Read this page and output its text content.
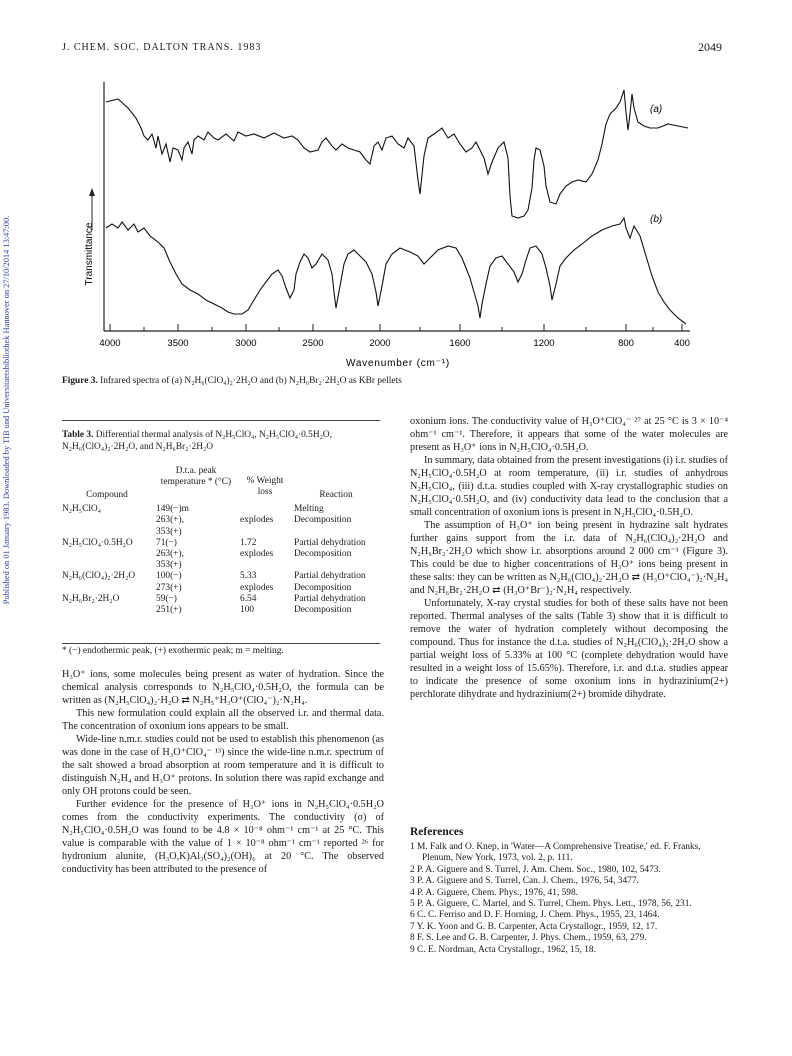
Published on 01 January 1983. Downloaded by TIB und Universitaetsbibliothek Hannover on 27/10/2014 13:47:00.
J. CHEM. SOC. DALTON TRANS. 1983	2049
(a)
(b)
Transmittance
4000	3500	3000	2500	2000	1600	1200	800	400
Wavenumber (cm⁻¹)
Figure 3. Infrared spectra of (a) N₂H₆(ClO₄)₂·2H₂O and (b) N₂H₆Br₂·2H₂O as KBr pellets
Table 3. Differential thermal analysis of N₂H₅ClO₄, N₂H₅ClO₄·0.5H₂O, N₂H₆(ClO₄)₂·2H₂O, and N₂H₆Br₂·2H₂O
Compound	D.t.a. peak temperature * (°C)	% Weight loss	Reaction
N₂H₅ClO₄	149(−)m		Melting
	263(+),	explodes	Decomposition
	353(+)		
N₂H₅ClO₄·0.5H₂O	71(−)	1.72	Partial dehydration
	263(+),	explodes	Decomposition
	353(+)		
N₂H₆(ClO₄)₂·2H₂O	100(−)	5.33	Partial dehydration
	273(+)	explodes	Decomposition
N₂H₆Br₂·2H₂O	59(−)	6.54	Partial dehydration
	251(+)	100	Decomposition
* (−) endothermic peak, (+) exothermic peak; m = melting.

H₃O⁺ ions, some molecules being present as water of hydration. Since the chemical analysis corresponds to N₂H₅ClO₄·0.5H₂O, the formula can be written as (N₂H₅ClO₄)₂·H₂O ⇄ N₂H₅⁺H₃O⁺(ClO₄⁻)₂·N₂H₄.

This new formulation could explain all the observed i.r. and thermal data. The concentration of oxonium ions appears to be small.

Wide-line n.m.r. studies could not be used to establish this phenomenon (as was done in the case of H₃O⁺ClO₄⁻ ¹³) since the wide-line n.m.r. spectrum of the salt showed a broad absorption at room temperature and it is difficult to distinguish N₂H₄ and H₃O⁺ protons. In solution there was rapid exchange and only OH protons could be seen.

Further evidence for the presence of H₃O⁺ ions in N₂H₅ClO₄·0.5H₂O comes from the conductivity experiments. The conductivity (σ) of N₂H₅ClO₄·0.5H₂O was found to be 4.8 × 10⁻⁸ ohm⁻¹ cm⁻¹ at 25 °C. This value is comparable with the value of 1 × 10⁻⁸ ohm⁻¹ cm⁻¹ reported ²⁶ for hydronium alunite, (H₃O,K)Al₃(SO₄)₂(OH)₆ at 20 °C. The observed conductivity has been attributed to the presence of

oxonium ions. The conductivity value of H₃O⁺ClO₄⁻ ²⁷ at 25 °C is 3 × 10⁻⁴ ohm⁻¹ cm⁻¹. Therefore, it appears that some of the water molecules are present as H₃O⁺ ions in N₂H₅ClO₄·0.5H₂O.

In summary, data obtained from the present investigations (i) i.r. studies of N₂H₅ClO₄·0.5H₂O at room temperature, (ii) i.r. studies of anhydrous N₂H₅ClO₄, (iii) d.t.a. studies coupled with X-ray crystallographic studies on N₂H₅ClO₄·0.5H₂O, and (iv) conductivity data lead to the conclusion that a small concentration of oxonium ions is present in N₂H₅ClO₄·0.5H₂O.

The assumption of H₃O⁺ ion being present in hydrazine salt hydrates further gains support from the i.r. data of N₂H₆(ClO₄)₂·2H₂O and N₂H₆Br₂·2H₂O which show i.r. absorptions around 2 000 cm⁻¹ (Figure 3). This could be due to higher concentrations of H₃O⁺ ions being present in these salts: they can be written as N₂H₆(ClO₄)₂·2H₂O ⇄ (H₃O⁺ClO₄⁻)₂·N₂H₄ and N₂H₆Br₂·2H₂O ⇄ (H₃O⁺Br⁻)₂·N₂H₄ respectively.

Unfortunately, X-ray crystal studies for both of these salts have not been reported. Thermal analyses of the salts (Table 3) show that it is difficult to remove the water of hydration completely without decomposing the compound. Thus for instance the d.t.a. studies of N₂H₆(ClO₄)₂·2H₂O show a partial weight loss of 5.33% at 100 °C (complete dehydration would have resulted in a weight loss of 15.65%). Therefore, i.r. and d.t.a. studies appear to indicate the presence of some oxonium ions in hydrazinium(2+) perchlorate dihydrate and hydrazinium(2+) bromide dihydrate.

References
1 M. Falk and O. Knep, in 'Water—A Comprehensive Treatise,' ed. F. Franks, Plenum, New York, 1973, vol. 2, p. 111.
2 P. A. Giguere and S. Turrel, J. Am. Chem. Soc., 1980, 102, 5473.
3 P. A. Giguere and S. Turrel, Can. J. Chem., 1976, 54, 3477.
4 P. A. Giguere, Chem. Phys., 1976, 41, 598.
5 P. A. Giguere, C. Martel, and S. Turrel, Chem. Phys. Lett., 1978, 56, 231.
6 C. C. Ferriso and D. F. Horning, J. Chem. Phys., 1955, 23, 1464.
7 Y. K. Yoon and G. B. Carpenter, Acta Crystallogr., 1959, 12, 17.
8 F. S. Lee and G. B. Carpenter, J. Phys. Chem., 1959, 63, 279.
9 C. E. Nordman, Acta Crystallogr., 1962, 15, 18.
